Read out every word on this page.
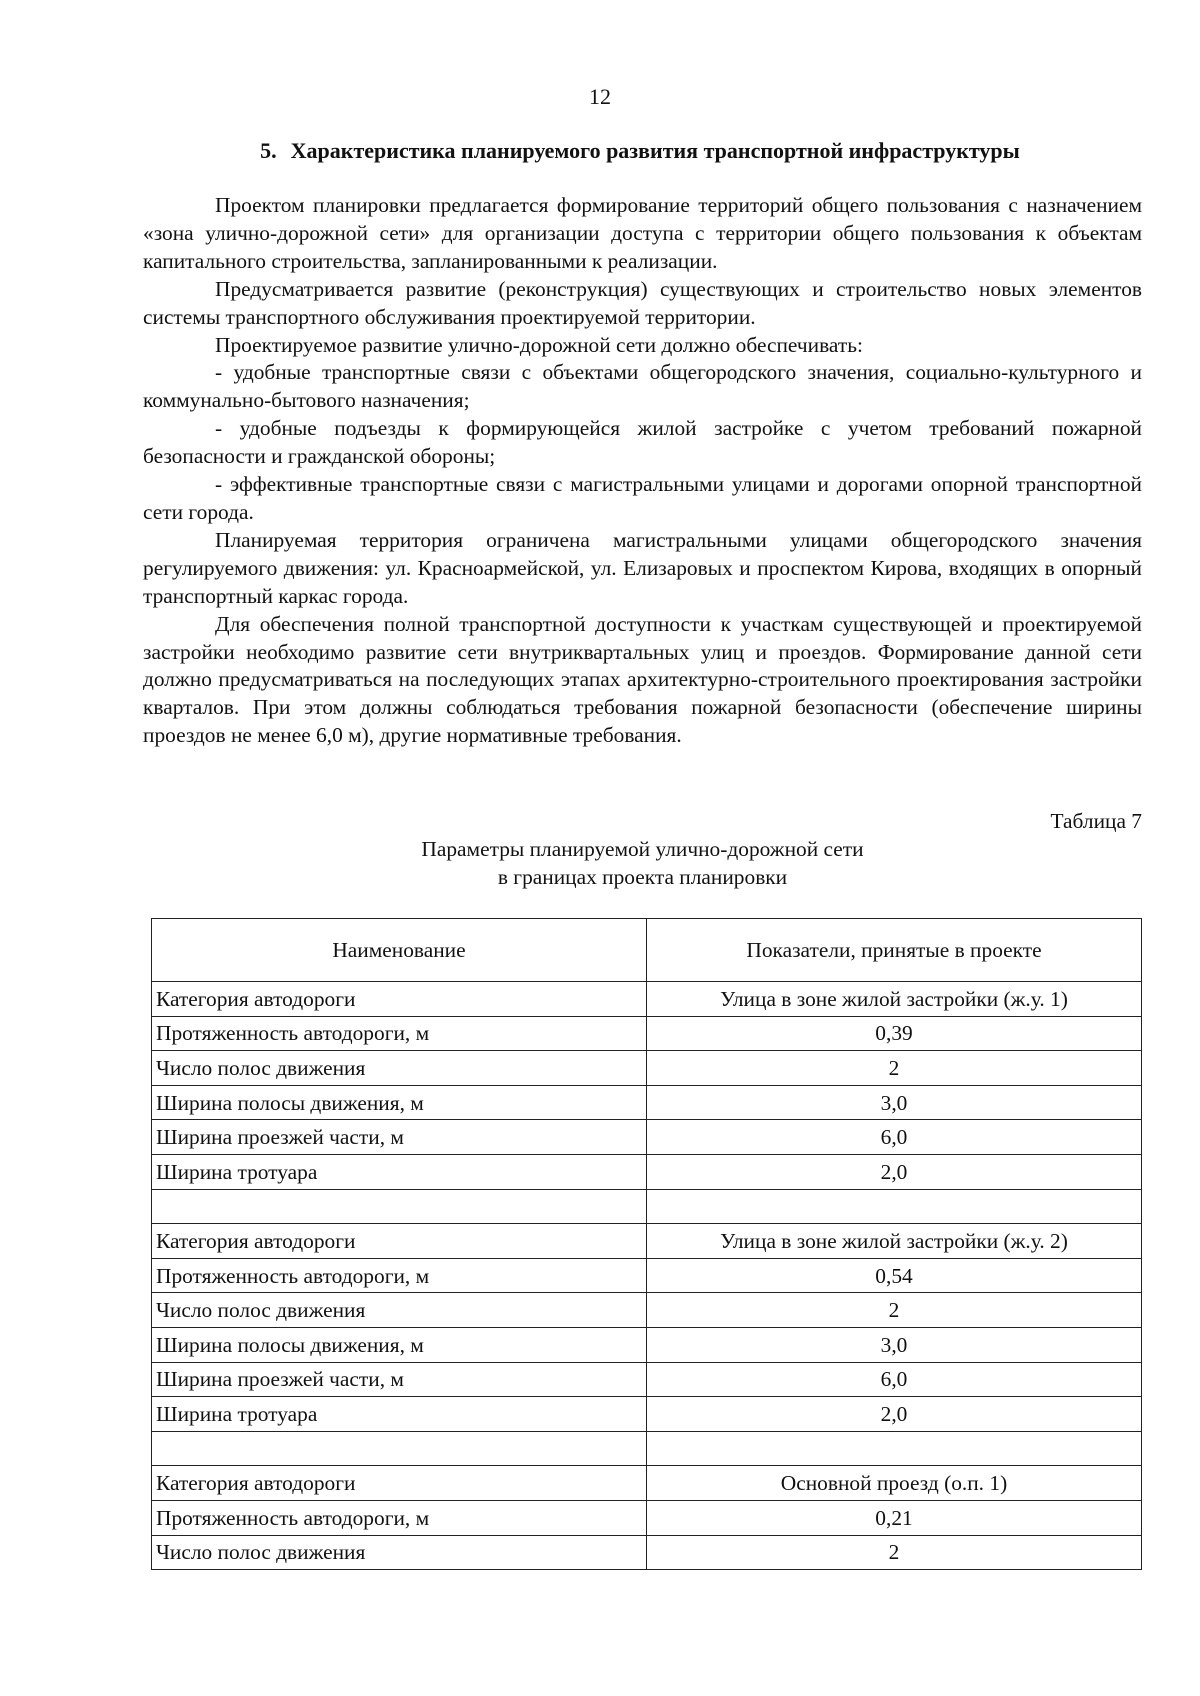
12
5. Характеристика планируемого развития транспортной инфраструктуры

Проектом планировки предлагается формирование территорий общего пользования с назначением «зона улично-дорожной сети» для организации доступа с территории общего пользования к объектам капитального строительства, запланированными к реализации.

Предусматривается развитие (реконструкция) существующих и строительство новых элементов системы транспортного обслуживания проектируемой территории.

Проектируемое развитие улично-дорожной сети должно обеспечивать:

- удобные транспортные связи с объектами общегородского значения, социально-культурного и коммунально-бытового назначения;

- удобные подъезды к формирующейся жилой застройке с учетом требований пожарной безопасности и гражданской обороны;

- эффективные транспортные связи с магистральными улицами и дорогами опорной транспортной сети города.

Планируемая территория ограничена магистральными улицами общегородского значения регулируемого движения: ул. Красноармейской, ул. Елизаровых и проспектом Кирова, входящих в опорный транспортный каркас города.

Для обеспечения полной транспортной доступности к участкам существующей и проектируемой застройки необходимо развитие сети внутриквартальных улиц и проездов. Формирование данной сети должно предусматриваться на последующих этапах архитектурно-строительного проектирования застройки кварталов. При этом должны соблюдаться требования пожарной безопасности (обеспечение ширины проездов не менее 6,0 м), другие нормативные требования.

Таблица 7
Параметры планируемой улично-дорожной сети
в границах проекта планировки
Наименование	Показатели, принятые в проекте
Категория автодороги	Улица в зоне жилой застройки (ж.у. 1)
Протяженность автодороги, м	0,39
Число полос движения	2
Ширина полосы движения, м	3,0
Ширина проезжей части, м	6,0
Ширина тротуара	2,0

Категория автодороги	Улица в зоне жилой застройки (ж.у. 2)
Протяженность автодороги, м	0,54
Число полос движения	2
Ширина полосы движения, м	3,0
Ширина проезжей части, м	6,0
Ширина тротуара	2,0

Категория автодороги	Основной проезд (о.п. 1)
Протяженность автодороги, м	0,21
Число полос движения	2
